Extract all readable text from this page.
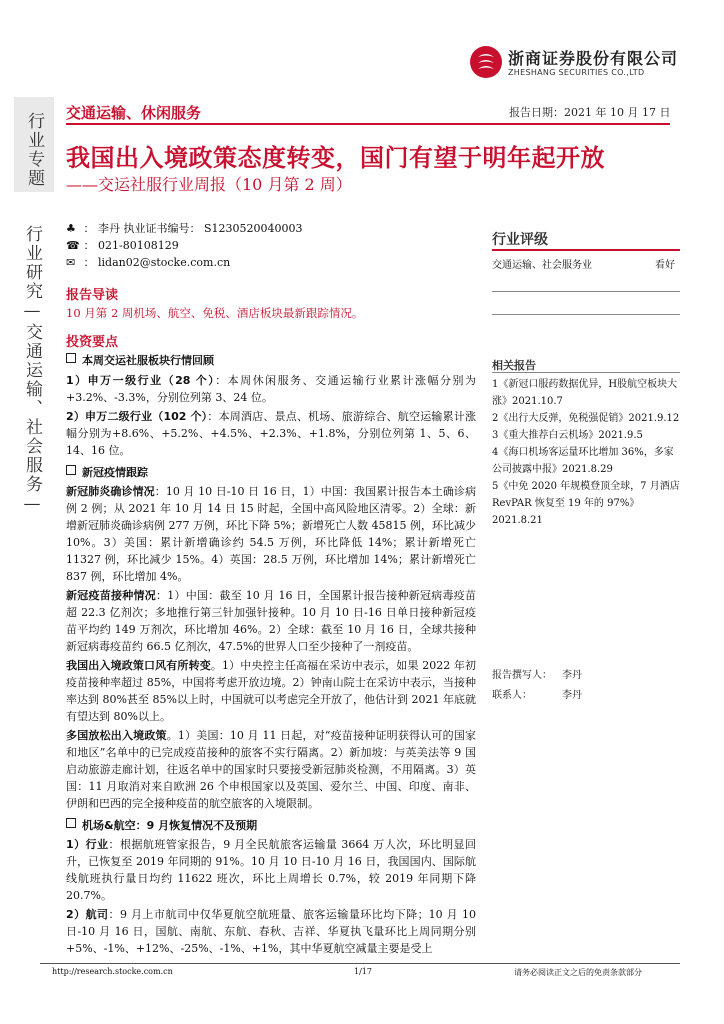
浙商证券股份有限公司
ZHESHANG SECURITIES CO.,LTD
行业专题
行业研究—交通运输、社会服务—
交通运输、休闲服务	报告日期：2021 年 10 月 17 日
我国出入境政策态度转变，国门有望于明年起开放
——交运社服行业周报（10 月第 2 周）
♣ ： 李丹 执业证书编号： S1230520040003
☎ ： 021-80108129
✉ ： lidan02@stocke.com.cn
报告导读
10 月第 2 周机场、航空、免税、酒店板块最新跟踪情况。
投资要点
本周交运社服板块行情回顾
1）申万一级行业（28 个）：本周休闲服务、交通运输行业累计涨幅分别为+3.2%、-3.3%，分别位列第 3、24 位。
2）申万二级行业（102 个）：本周酒店、景点、机场、旅游综合、航空运输累计涨幅分别为+8.6%、+5.2%、+4.5%、+2.3%、+1.8%，分别位列第 1、5、6、14、16 位。
新冠疫情跟踪
新冠肺炎确诊情况：10 月 10 日-10 日 16 日，1）中国：我国累计报告本土确诊病例 2 例；从 2021 年 10 月 14 日 15 时起，全国中高风险地区清零。2）全球：新增新冠肺炎确诊病例 277 万例，环比下降 5%；新增死亡人数 45815 例，环比减少 10%。3）美国：累计新增确诊约 54.5 万例，环比降低 14%；累计新增死亡 11327 例，环比减少 15%。4）英国：28.5 万例，环比增加 14%；累计新增死亡 837 例，环比增加 4%。
新冠疫苗接种情况：1）中国：截至 10 月 16 日，全国累计报告接种新冠病毒疫苗超 22.3 亿剂次；多地推行第三针加强针接种。10 月 10 日-16 日单日接种新冠疫苗平均约 149 万剂次，环比增加 46%。2）全球：截至 10 月 16 日，全球共接种新冠病毒疫苗约 66.5 亿剂次，47.5%的世界人口至少接种了一剂疫苗。
我国出入境政策口风有所转变。1）中央控主任高福在采访中表示，如果 2022 年初疫苗接种率超过 85%，中国将考虑开放边境。2）钟南山院士在采访中表示，当接种率达到 80%甚至 85%以上时，中国就可以考虑完全开放了，他估计到 2021 年底就有望达到 80%以上。
多国放松出入境政策。1）美国：10 月 11 日起，对“疫苗接种证明获得认可的国家和地区”名单中的已完成疫苗接种的旅客不实行隔离。2）新加坡：与英美法等 9 国启动旅游走廊计划，往返名单中的国家时只要接受新冠肺炎检测，不用隔离。3）英国：11 月取消对来自欧洲 26 个申根国家以及英国、爱尔兰、中国、印度、南非、伊朗和巴西的完全接种疫苗的航空旅客的入境限制。
机场&航空：9 月恢复情况不及预期
1）行业：根据航班管家报告，9 月全民航旅客运输量 3664 万人次，环比明显回升，已恢复至 2019 年同期的 91%。10 月 10 日-10 月 16 日，我国国内、国际航线航班执行量日均约 11622 班次，环比上周增长 0.7%，较 2019 年同期下降 20.7%。
2）航司：9 月上市航司中仅华夏航空航班量、旅客运输量环比均下降；10 月 10 日-10 月 16 日，国航、南航、东航、春秋、吉祥、华夏执飞量环比上周同期分别+5%、-1%、+12%、-25%、-1%、+1%，其中华夏航空减量主要是受上
行业评级
交通运输、社会服务业	看好
相关报告
1《新冠口服药数据优异，H股航空板块大涨》2021.10.7
2《出行大反弹，免税强促销》2021.9.12
3《重大推荐白云机场》2021.9.5
4《海口机场客运量环比增加 36%，多家公司披露中报》2021.8.29
5《中免 2020 年规模登顶全球，7 月酒店 RevPAR 恢复至 19 年的 97%》2021.8.21
报告撰写人： 李丹
联系人：	李丹
http://research.stocke.com.cn	1/17	请务必阅读正文之后的免责条款部分
